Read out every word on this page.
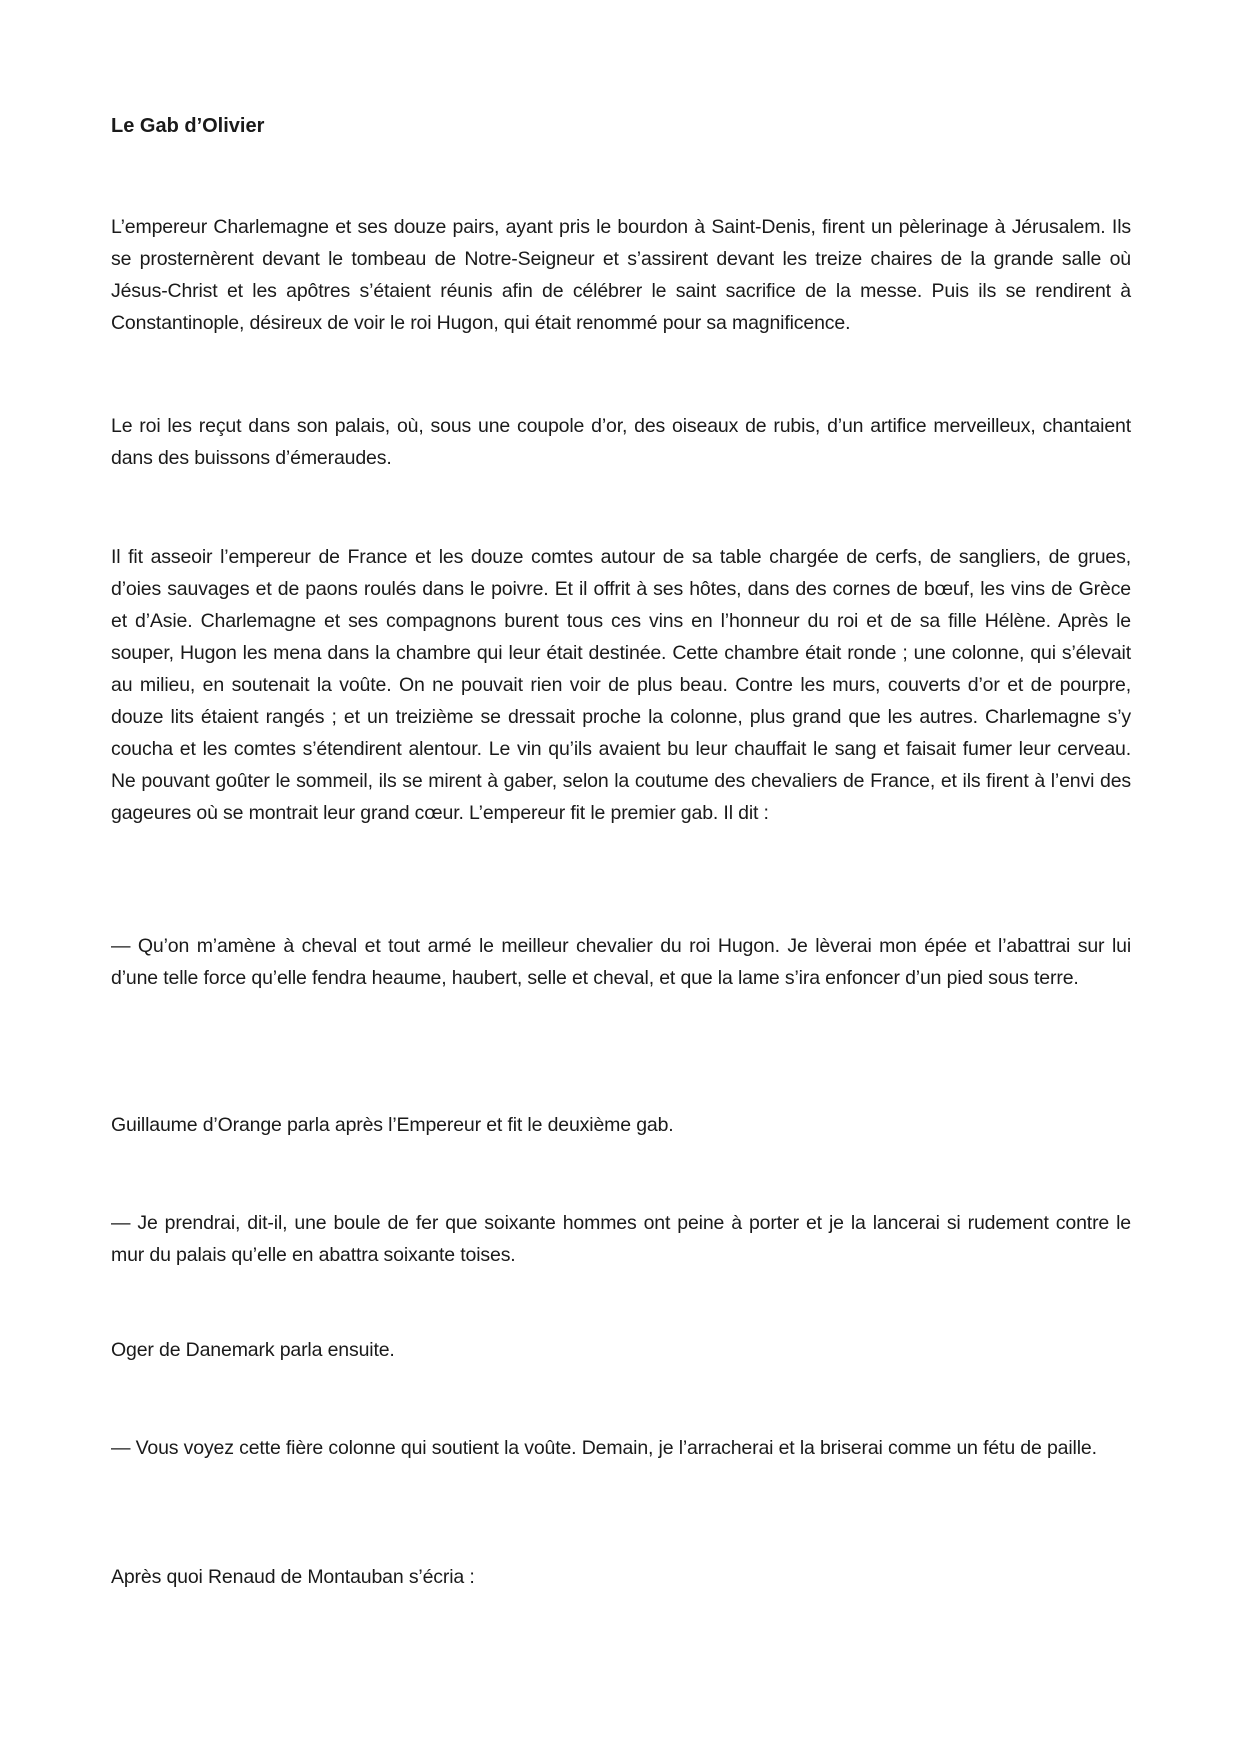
Le Gab d’Olivier

L’empereur Charlemagne et ses douze pairs, ayant pris le bourdon à Saint-Denis, firent un pèlerinage à Jérusalem. Ils se prosternèrent devant le tombeau de Notre-Seigneur et s’assirent devant les treize chaires de la grande salle où Jésus-Christ et les apôtres s’étaient réunis afin de célébrer le saint sacrifice de la messe. Puis ils se rendirent à Constantinople, désireux de voir le roi Hugon, qui était renommé pour sa magnificence.

Le roi les reçut dans son palais, où, sous une coupole d’or, des oiseaux de rubis, d’un artifice merveilleux, chantaient dans des buissons d’émeraudes.

Il fit asseoir l’empereur de France et les douze comtes autour de sa table chargée de cerfs, de sangliers, de grues, d’oies sauvages et de paons roulés dans le poivre. Et il offrit à ses hôtes, dans des cornes de bœuf, les vins de Grèce et d’Asie. Charlemagne et ses compagnons burent tous ces vins en l’honneur du roi et de sa fille Hélène. Après le souper, Hugon les mena dans la chambre qui leur était destinée. Cette chambre était ronde ; une colonne, qui s’élevait au milieu, en soutenait la voûte. On ne pouvait rien voir de plus beau. Contre les murs, couverts d’or et de pourpre, douze lits étaient rangés ; et un treizième se dressait proche la colonne, plus grand que les autres. Charlemagne s’y coucha et les comtes s’étendirent alentour. Le vin qu’ils avaient bu leur chauffait le sang et faisait fumer leur cerveau. Ne pouvant goûter le sommeil, ils se mirent à gaber, selon la coutume des chevaliers de France, et ils firent à l’envi des gageures où se montrait leur grand cœur. L’empereur fit le premier gab. Il dit :

— Qu’on m’amène à cheval et tout armé le meilleur chevalier du roi Hugon. Je lèverai mon épée et l’abattrai sur lui d’une telle force qu’elle fendra heaume, haubert, selle et cheval, et que la lame s’ira enfoncer d’un pied sous terre.

Guillaume d’Orange parla après l’Empereur et fit le deuxième gab.

— Je prendrai, dit-il, une boule de fer que soixante hommes ont peine à porter et je la lancerai si rudement contre le mur du palais qu’elle en abattra soixante toises.

Oger de Danemark parla ensuite.

— Vous voyez cette fière colonne qui soutient la voûte. Demain, je l’arracherai et la briserai comme un fétu de paille.

Après quoi Renaud de Montauban s’écria :
